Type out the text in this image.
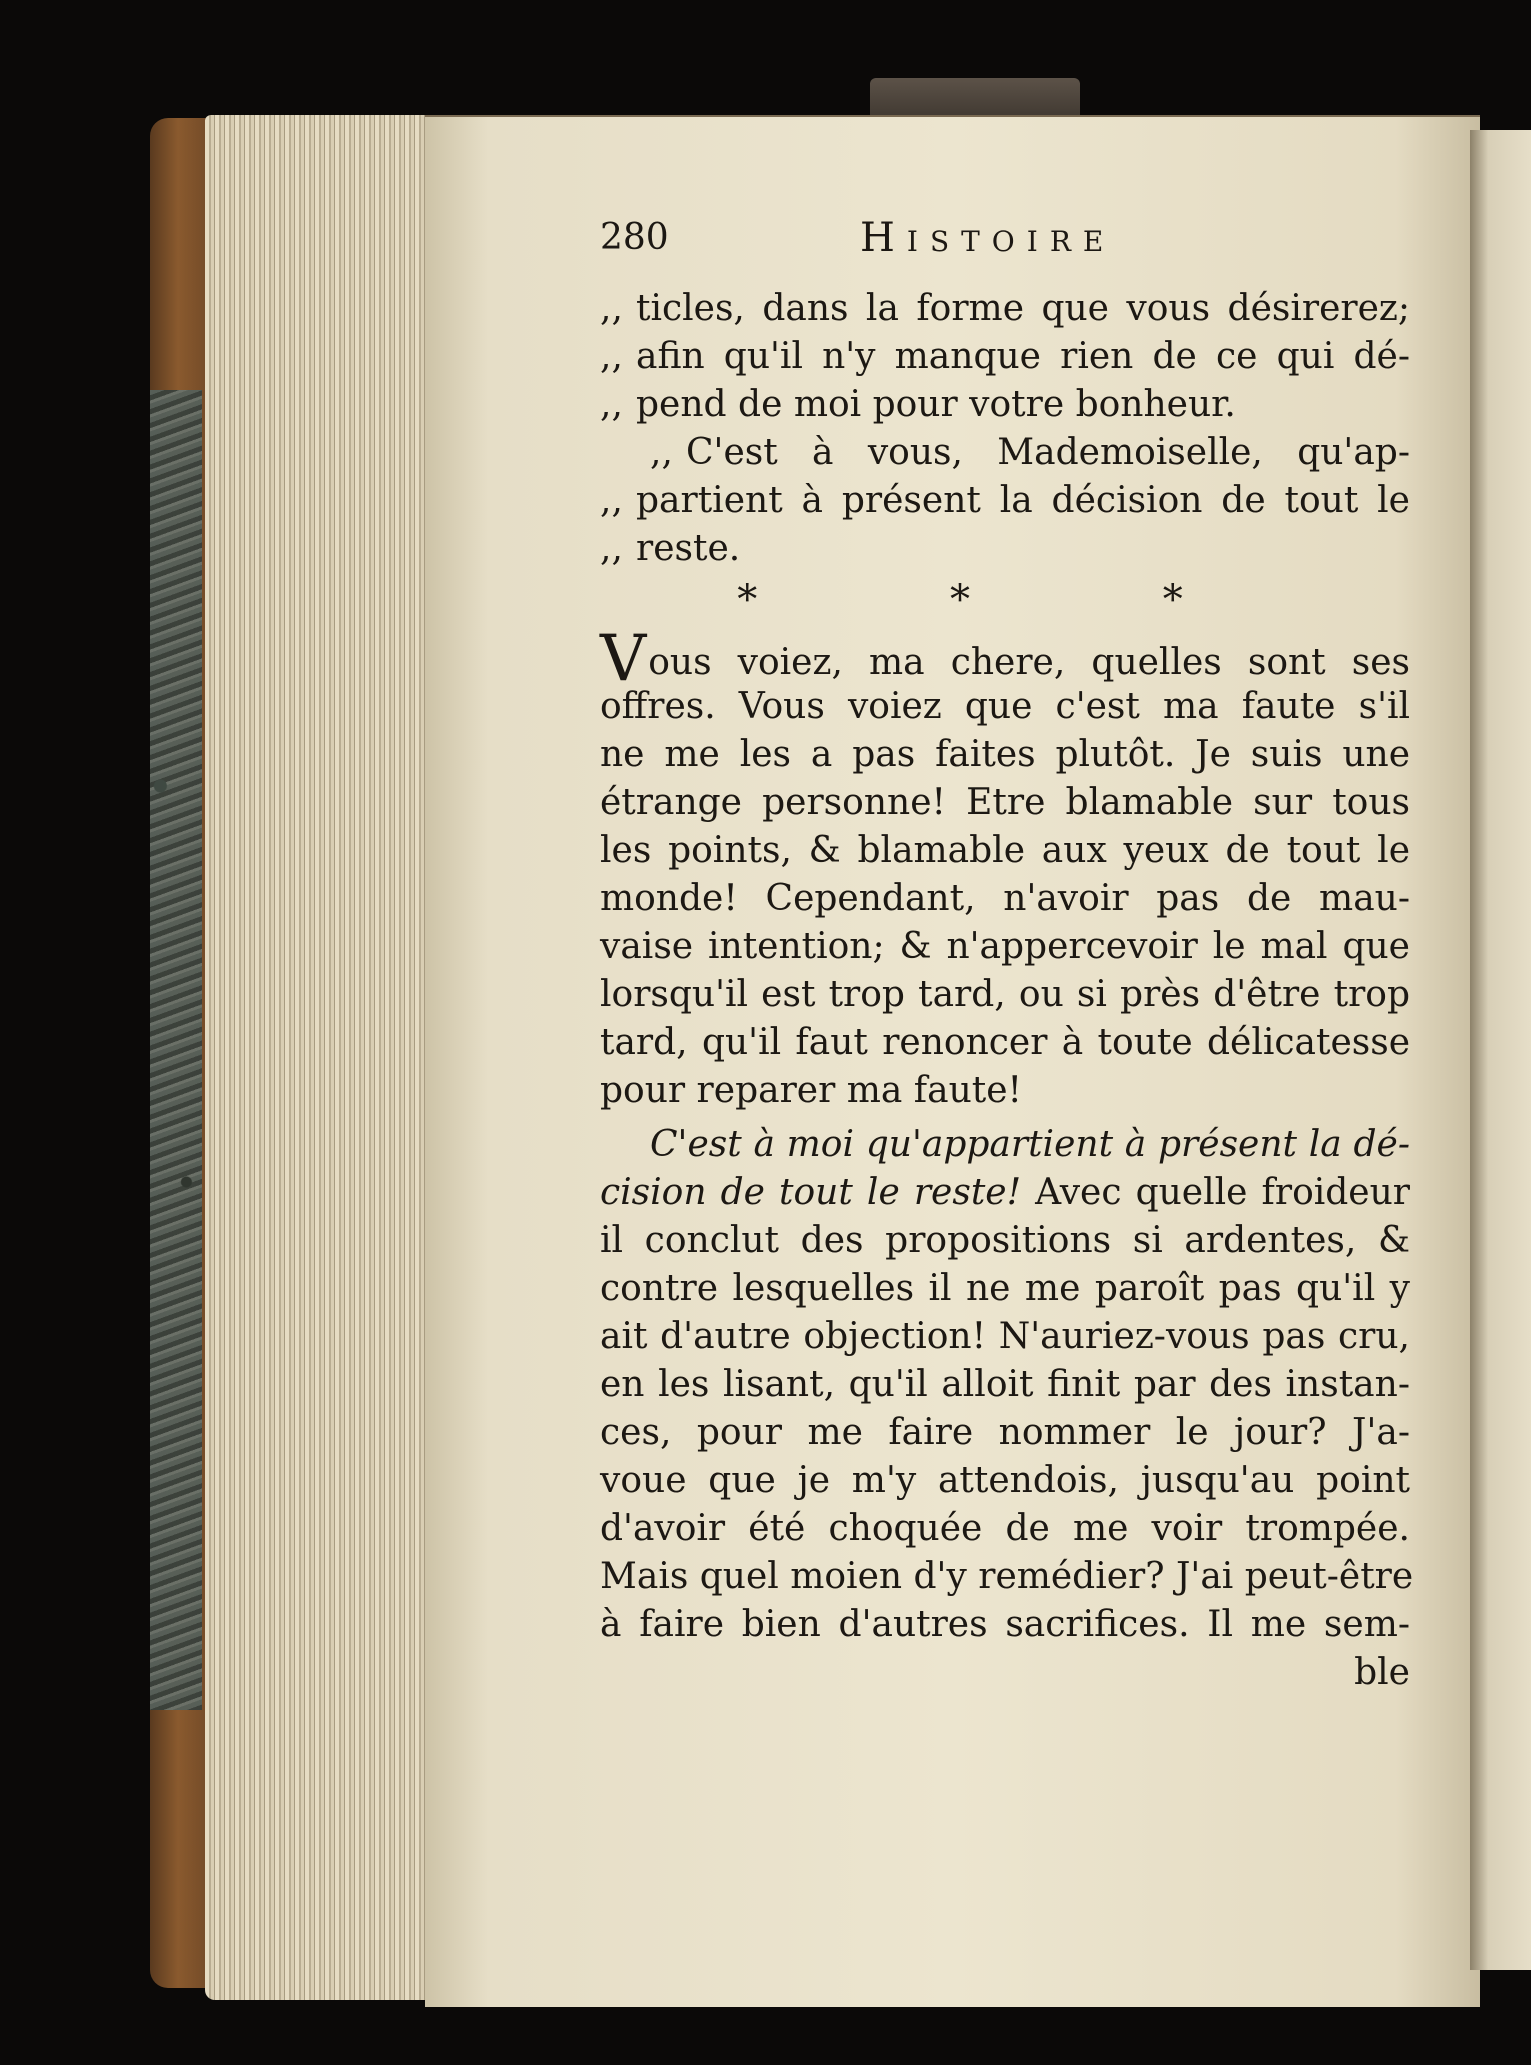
280	Histoire
,, ticles, dans la forme que vous désirerez;
,, afin qu'il n'y manque rien de ce qui dé-
,, pend de moi pour votre bonheur.
,, C'est à vous, Mademoiselle, qu'ap-
,, partient à présent la décision de tout le
,, reste.
* * *
Vous voiez, ma chere, quelles sont ses
offres. Vous voiez que c'est ma faute s'il
ne me les a pas faites plutôt. Je suis une
étrange personne! Etre blamable sur tous
les points, & blamable aux yeux de tout le
monde! Cependant, n'avoir pas de mau-
vaise intention; & n'appercevoir le mal que
lorsqu'il est trop tard, ou si près d'être trop
tard, qu'il faut renoncer à toute délicatesse
pour reparer ma faute!
C'est à moi qu'appartient à présent la dé-
cision de tout le reste! Avec quelle froideur
il conclut des propositions si ardentes, &
contre lesquelles il ne me paroît pas qu'il y
ait d'autre objection! N'auriez-vous pas cru,
en les lisant, qu'il alloit finit par des instan-
ces, pour me faire nommer le jour? J'a-
voue que je m'y attendois, jusqu'au point
d'avoir été choquée de me voir trompée.
Mais quel moien d'y remédier? J'ai peut-être
à faire bien d'autres sacrifices. Il me sem-
ble
